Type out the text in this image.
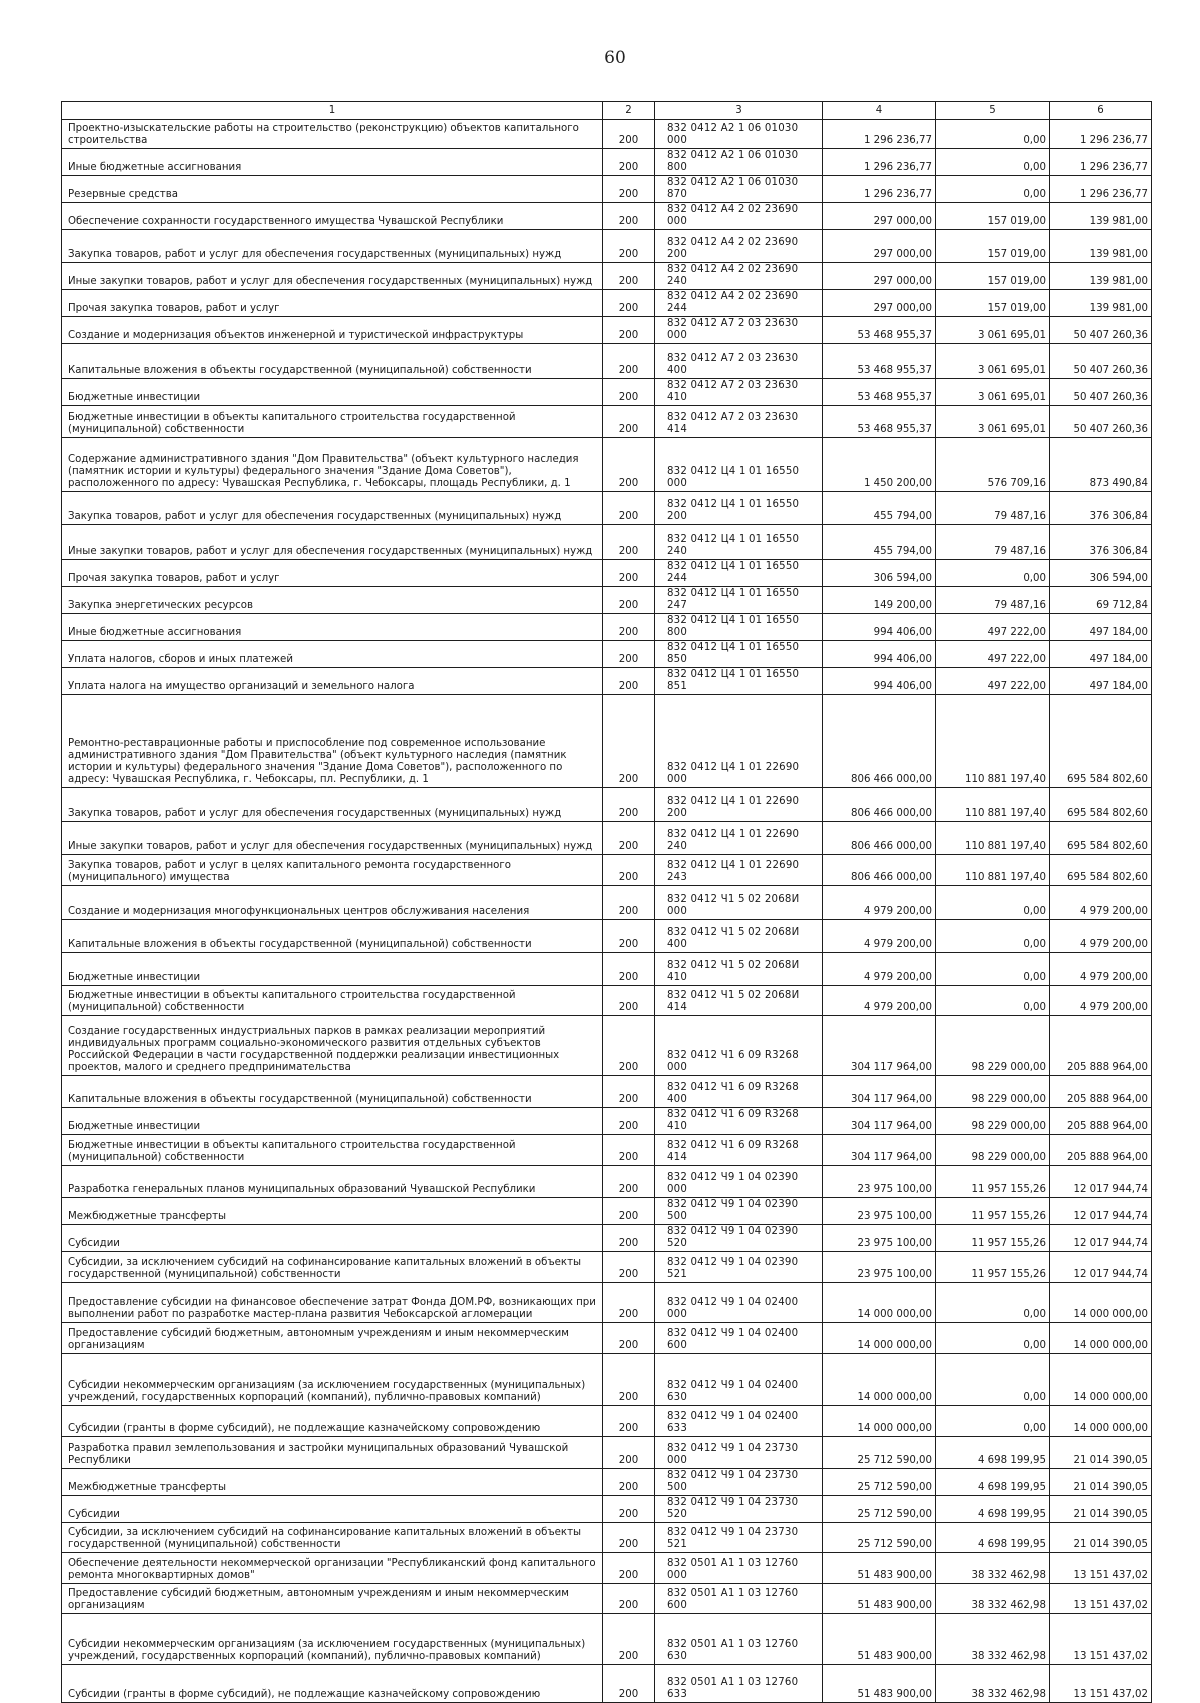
60
1	2	3	4	5	6
Проектно-изыскательские работы на строительство (реконструкцию) объектов капитального строительства	200	832 0412 А2 1 06 01030 000	1 296 236,77	0,00	1 296 236,77
Иные бюджетные ассигнования	200	832 0412 А2 1 06 01030 800	1 296 236,77	0,00	1 296 236,77
Резервные средства	200	832 0412 А2 1 06 01030 870	1 296 236,77	0,00	1 296 236,77
Обеспечение сохранности государственного имущества Чувашской Республики	200	832 0412 А4 2 02 23690 000	297 000,00	157 019,00	139 981,00
Закупка товаров, работ и услуг для обеспечения государственных (муниципальных) нужд	200	832 0412 А4 2 02 23690 200	297 000,00	157 019,00	139 981,00
Иные закупки товаров, работ и услуг для обеспечения государственных (муниципальных) нужд	200	832 0412 А4 2 02 23690 240	297 000,00	157 019,00	139 981,00
Прочая закупка товаров, работ и услуг	200	832 0412 А4 2 02 23690 244	297 000,00	157 019,00	139 981,00
Создание и модернизация объектов инженерной и туристической инфраструктуры	200	832 0412 А7 2 03 23630 000	53 468 955,37	3 061 695,01	50 407 260,36
Капитальные вложения в объекты государственной (муниципальной) собственности	200	832 0412 А7 2 03 23630 400	53 468 955,37	3 061 695,01	50 407 260,36
Бюджетные инвестиции	200	832 0412 А7 2 03 23630 410	53 468 955,37	3 061 695,01	50 407 260,36
Бюджетные инвестиции в объекты капитального строительства государственной (муниципальной) собственности	200	832 0412 А7 2 03 23630 414	53 468 955,37	3 061 695,01	50 407 260,36
Содержание административного здания "Дом Правительства" (объект культурного наследия (памятник истории и культуры) федерального значения "Здание Дома Советов"), расположенного по адресу: Чувашская Республика, г. Чебоксары, площадь Республики, д. 1	200	832 0412 Ц4 1 01 16550 000	1 450 200,00	576 709,16	873 490,84
Закупка товаров, работ и услуг для обеспечения государственных (муниципальных) нужд	200	832 0412 Ц4 1 01 16550 200	455 794,00	79 487,16	376 306,84
Иные закупки товаров, работ и услуг для обеспечения государственных (муниципальных) нужд	200	832 0412 Ц4 1 01 16550 240	455 794,00	79 487,16	376 306,84
Прочая закупка товаров, работ и услуг	200	832 0412 Ц4 1 01 16550 244	306 594,00	0,00	306 594,00
Закупка энергетических ресурсов	200	832 0412 Ц4 1 01 16550 247	149 200,00	79 487,16	69 712,84
Иные бюджетные ассигнования	200	832 0412 Ц4 1 01 16550 800	994 406,00	497 222,00	497 184,00
Уплата налогов, сборов и иных платежей	200	832 0412 Ц4 1 01 16550 850	994 406,00	497 222,00	497 184,00
Уплата налога на имущество организаций и земельного налога	200	832 0412 Ц4 1 01 16550 851	994 406,00	497 222,00	497 184,00
Ремонтно-реставрационные работы и приспособление под современное использование административного здания "Дом Правительства" (объект культурного наследия (памятник истории и культуры) федерального значения "Здание Дома Советов"), расположенного по адресу: Чувашская Республика, г. Чебоксары, пл. Республики, д. 1	200	832 0412 Ц4 1 01 22690 000	806 466 000,00	110 881 197,40	695 584 802,60
Закупка товаров, работ и услуг для обеспечения государственных (муниципальных) нужд	200	832 0412 Ц4 1 01 22690 200	806 466 000,00	110 881 197,40	695 584 802,60
Иные закупки товаров, работ и услуг для обеспечения государственных (муниципальных) нужд	200	832 0412 Ц4 1 01 22690 240	806 466 000,00	110 881 197,40	695 584 802,60
Закупка товаров, работ и услуг в целях капитального ремонта государственного (муниципального) имущества	200	832 0412 Ц4 1 01 22690 243	806 466 000,00	110 881 197,40	695 584 802,60
Создание и модернизация многофункциональных центров обслуживания населения	200	832 0412 Ч1 5 02 2068И 000	4 979 200,00	0,00	4 979 200,00
Капитальные вложения в объекты государственной (муниципальной) собственности	200	832 0412 Ч1 5 02 2068И 400	4 979 200,00	0,00	4 979 200,00
Бюджетные инвестиции	200	832 0412 Ч1 5 02 2068И 410	4 979 200,00	0,00	4 979 200,00
Бюджетные инвестиции в объекты капитального строительства государственной (муниципальной) собственности	200	832 0412 Ч1 5 02 2068И 414	4 979 200,00	0,00	4 979 200,00
Создание государственных индустриальных парков в рамках реализации мероприятий индивидуальных программ социально-экономического развития отдельных субъектов Российской Федерации в части государственной поддержки реализации инвестиционных проектов, малого и среднего предпринимательства	200	832 0412 Ч1 6 09 R3268 000	304 117 964,00	98 229 000,00	205 888 964,00
Капитальные вложения в объекты государственной (муниципальной) собственности	200	832 0412 Ч1 6 09 R3268 400	304 117 964,00	98 229 000,00	205 888 964,00
Бюджетные инвестиции	200	832 0412 Ч1 6 09 R3268 410	304 117 964,00	98 229 000,00	205 888 964,00
Бюджетные инвестиции в объекты капитального строительства государственной (муниципальной) собственности	200	832 0412 Ч1 6 09 R3268 414	304 117 964,00	98 229 000,00	205 888 964,00
Разработка генеральных планов муниципальных образований Чувашской Республики	200	832 0412 Ч9 1 04 02390 000	23 975 100,00	11 957 155,26	12 017 944,74
Межбюджетные трансферты	200	832 0412 Ч9 1 04 02390 500	23 975 100,00	11 957 155,26	12 017 944,74
Субсидии	200	832 0412 Ч9 1 04 02390 520	23 975 100,00	11 957 155,26	12 017 944,74
Субсидии, за исключением субсидий на софинансирование капитальных вложений в объекты государственной (муниципальной) собственности	200	832 0412 Ч9 1 04 02390 521	23 975 100,00	11 957 155,26	12 017 944,74
Предоставление субсидии на финансовое обеспечение затрат Фонда ДОМ.РФ, возникающих при выполнении работ по разработке мастер-плана развития Чебоксарской агломерации	200	832 0412 Ч9 1 04 02400 000	14 000 000,00	0,00	14 000 000,00
Предоставление субсидий бюджетным, автономным учреждениям и иным некоммерческим организациям	200	832 0412 Ч9 1 04 02400 600	14 000 000,00	0,00	14 000 000,00
Субсидии некоммерческим организациям (за исключением государственных (муниципальных) учреждений, государственных корпораций (компаний), публично-правовых компаний)	200	832 0412 Ч9 1 04 02400 630	14 000 000,00	0,00	14 000 000,00
Субсидии (гранты в форме субсидий), не подлежащие казначейскому сопровождению	200	832 0412 Ч9 1 04 02400 633	14 000 000,00	0,00	14 000 000,00
Разработка правил землепользования и застройки муниципальных образований Чувашской Республики	200	832 0412 Ч9 1 04 23730 000	25 712 590,00	4 698 199,95	21 014 390,05
Межбюджетные трансферты	200	832 0412 Ч9 1 04 23730 500	25 712 590,00	4 698 199,95	21 014 390,05
Субсидии	200	832 0412 Ч9 1 04 23730 520	25 712 590,00	4 698 199,95	21 014 390,05
Субсидии, за исключением субсидий на софинансирование капитальных вложений в объекты государственной (муниципальной) собственности	200	832 0412 Ч9 1 04 23730 521	25 712 590,00	4 698 199,95	21 014 390,05
Обеспечение деятельности некоммерческой организации "Республиканский фонд капитального ремонта многоквартирных домов"	200	832 0501 А1 1 03 12760 000	51 483 900,00	38 332 462,98	13 151 437,02
Предоставление субсидий бюджетным, автономным учреждениям и иным некоммерческим организациям	200	832 0501 А1 1 03 12760 600	51 483 900,00	38 332 462,98	13 151 437,02
Субсидии некоммерческим организациям (за исключением государственных (муниципальных) учреждений, государственных корпораций (компаний), публично-правовых компаний)	200	832 0501 А1 1 03 12760 630	51 483 900,00	38 332 462,98	13 151 437,02
Субсидии (гранты в форме субсидий), не подлежащие казначейскому сопровождению	200	832 0501 А1 1 03 12760 633	51 483 900,00	38 332 462,98	13 151 437,02
